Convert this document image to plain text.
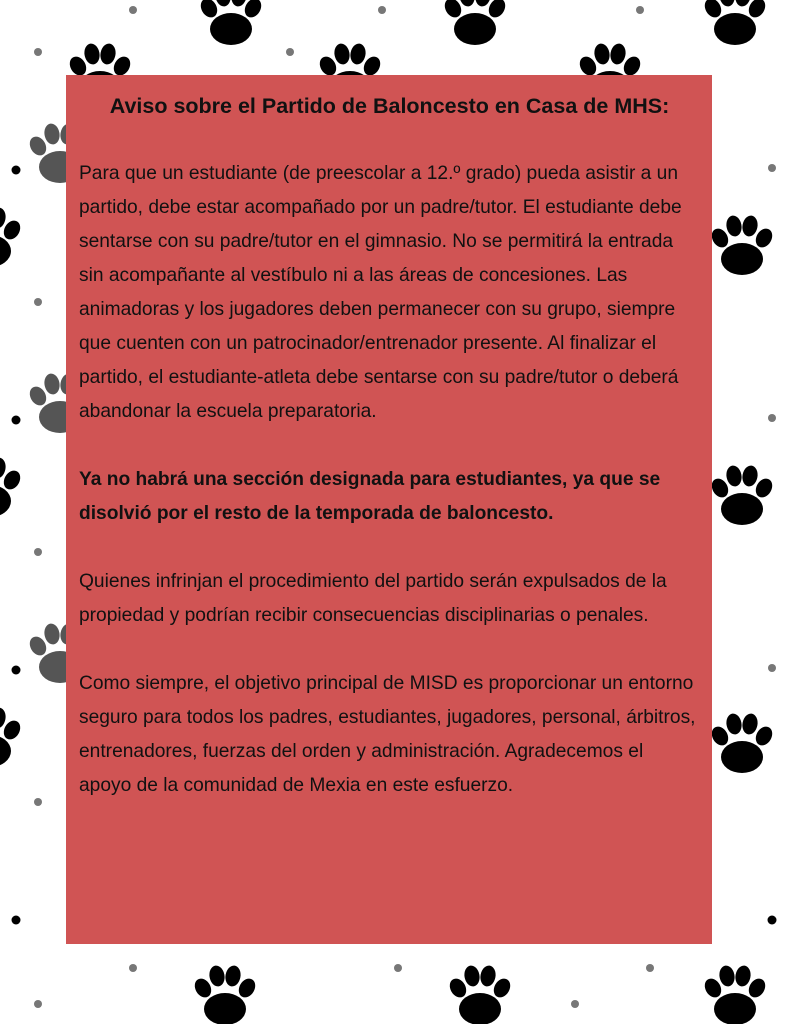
Aviso sobre el Partido de Baloncesto en Casa de MHS:

Para que un estudiante (de preescolar a 12.º grado) pueda asistir a un partido, debe estar acompañado por un padre/tutor. El estudiante debe sentarse con su padre/tutor en el gimnasio. No se permitirá la entrada sin acompañante al vestíbulo ni a las áreas de concesiones. Las animadoras y los jugadores deben permanecer con su grupo, siempre que cuenten con un patrocinador/entrenador presente. Al finalizar el partido, el estudiante-atleta debe sentarse con su padre/tutor o deberá abandonar la escuela preparatoria.

Ya no habrá una sección designada para estudiantes, ya que se disolvió por el resto de la temporada de baloncesto.

Quienes infrinjan el procedimiento del partido serán expulsados de la propiedad y podrían recibir consecuencias disciplinarias o penales.

Como siempre, el objetivo principal de MISD es proporcionar un entorno seguro para todos los padres, estudiantes, jugadores, personal, árbitros, entrenadores, fuerzas del orden y administración. Agradecemos el apoyo de la comunidad de Mexia en este esfuerzo.
